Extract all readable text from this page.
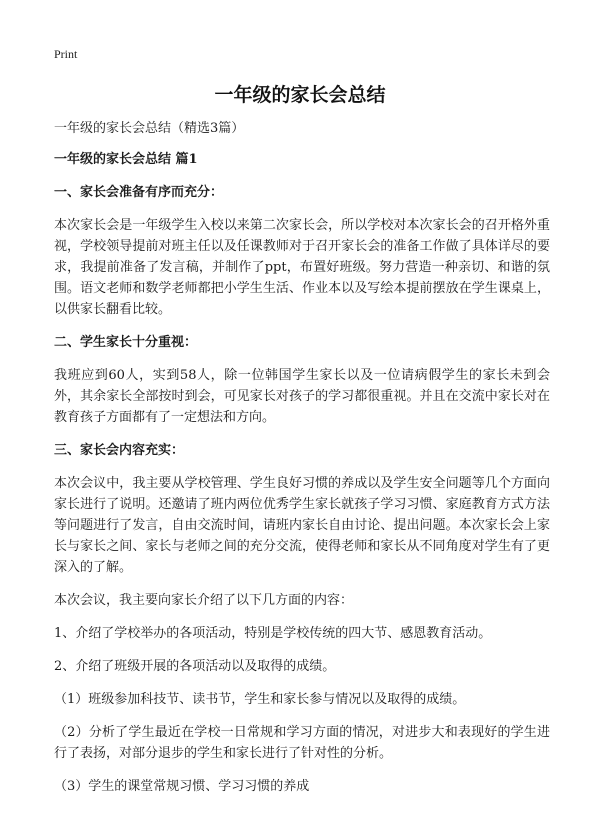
Print
一年级的家长会总结

一年级的家长会总结（精选3篇）

一年级的家长会总结 篇1

一、家长会准备有序而充分：

本次家长会是一年级学生入校以来第二次家长会，所以学校对本次家长会的召开格外重视，学校领导提前对班主任以及任课教师对于召开家长会的准备工作做了具体详尽的要求，我提前准备了发言稿，并制作了ppt，布置好班级。努力营造一种亲切、和谐的氛围。语文老师和数学老师都把小学生生活、作业本以及写绘本提前摆放在学生课桌上，以供家长翻看比较。

二、学生家长十分重视：

我班应到60人，实到58人，除一位韩国学生家长以及一位请病假学生的家长未到会外，其余家长全部按时到会，可见家长对孩子的学习都很重视。并且在交流中家长对在教育孩子方面都有了一定想法和方向。

三、家长会内容充实：

本次会议中，我主要从学校管理、学生良好习惯的养成以及学生安全问题等几个方面向家长进行了说明。还邀请了班内两位优秀学生家长就孩子学习习惯、家庭教育方式方法等问题进行了发言，自由交流时间，请班内家长自由讨论、提出问题。本次家长会上家长与家长之间、家长与老师之间的充分交流，使得老师和家长从不同角度对学生有了更深入的了解。

本次会议，我主要向家长介绍了以下几方面的内容：

1、介绍了学校举办的各项活动，特别是学校传统的四大节、感恩教育活动。

2、介绍了班级开展的各项活动以及取得的成绩。

（1）班级参加科技节、读书节，学生和家长参与情况以及取得的成绩。

（2）分析了学生最近在学校一日常规和学习方面的情况，对进步大和表现好的学生进行了表扬，对部分退步的学生和家长进行了针对性的分析。

（3）学生的课堂常规习惯、学习习惯的养成
